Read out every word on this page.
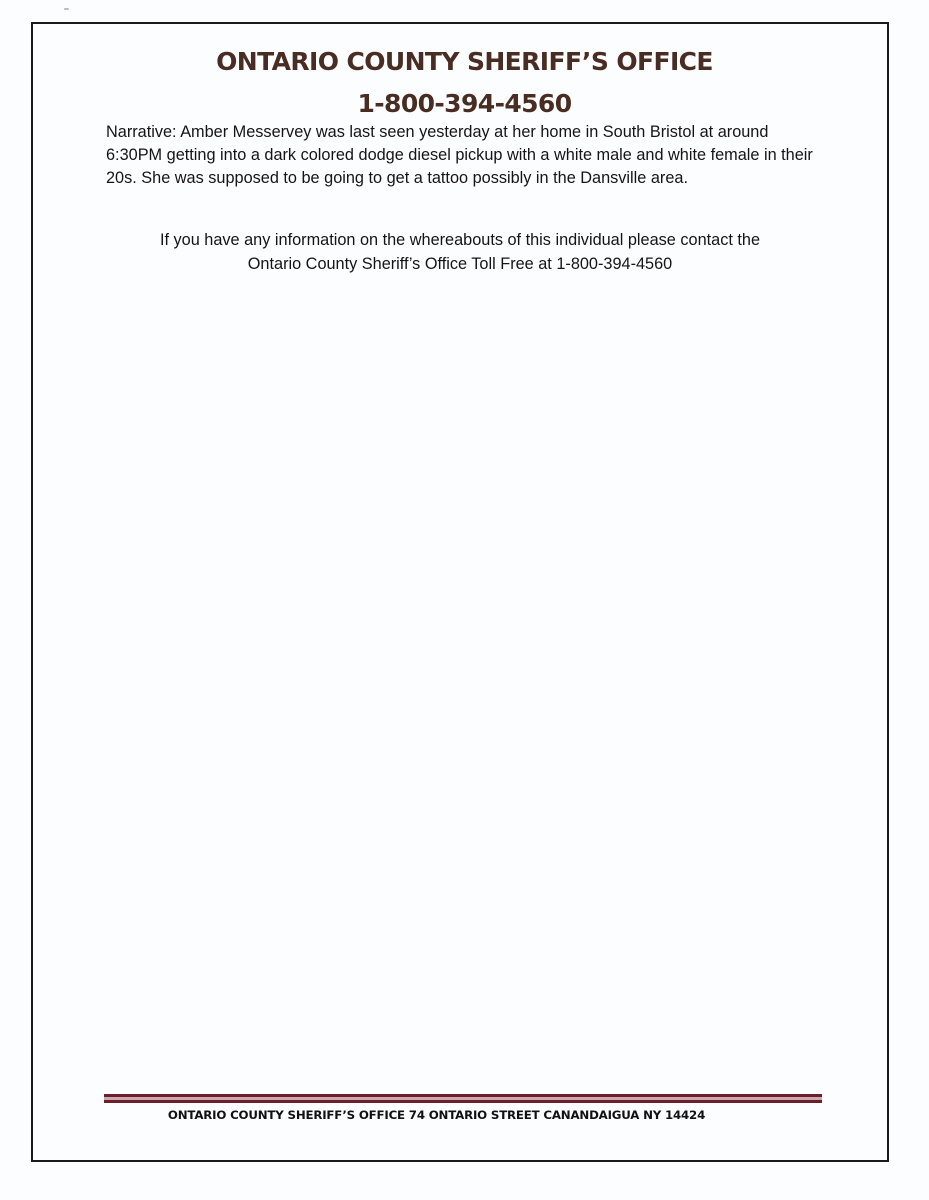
ONTARIO COUNTY SHERIFF’S OFFICE
1-800-394-4560

Narrative: Amber Messervey was last seen yesterday at her home in South Bristol at around 6:30PM getting into a dark colored dodge diesel pickup with a white male and white female in their 20s. She was supposed to be going to get a tattoo possibly in the Dansville area.

If you have any information on the whereabouts of this individual please contact the
Ontario County Sheriff’s Office Toll Free at 1-800-394-4560

ONTARIO COUNTY SHERIFF’S OFFICE 74 ONTARIO STREET CANANDAIGUA NY 14424
